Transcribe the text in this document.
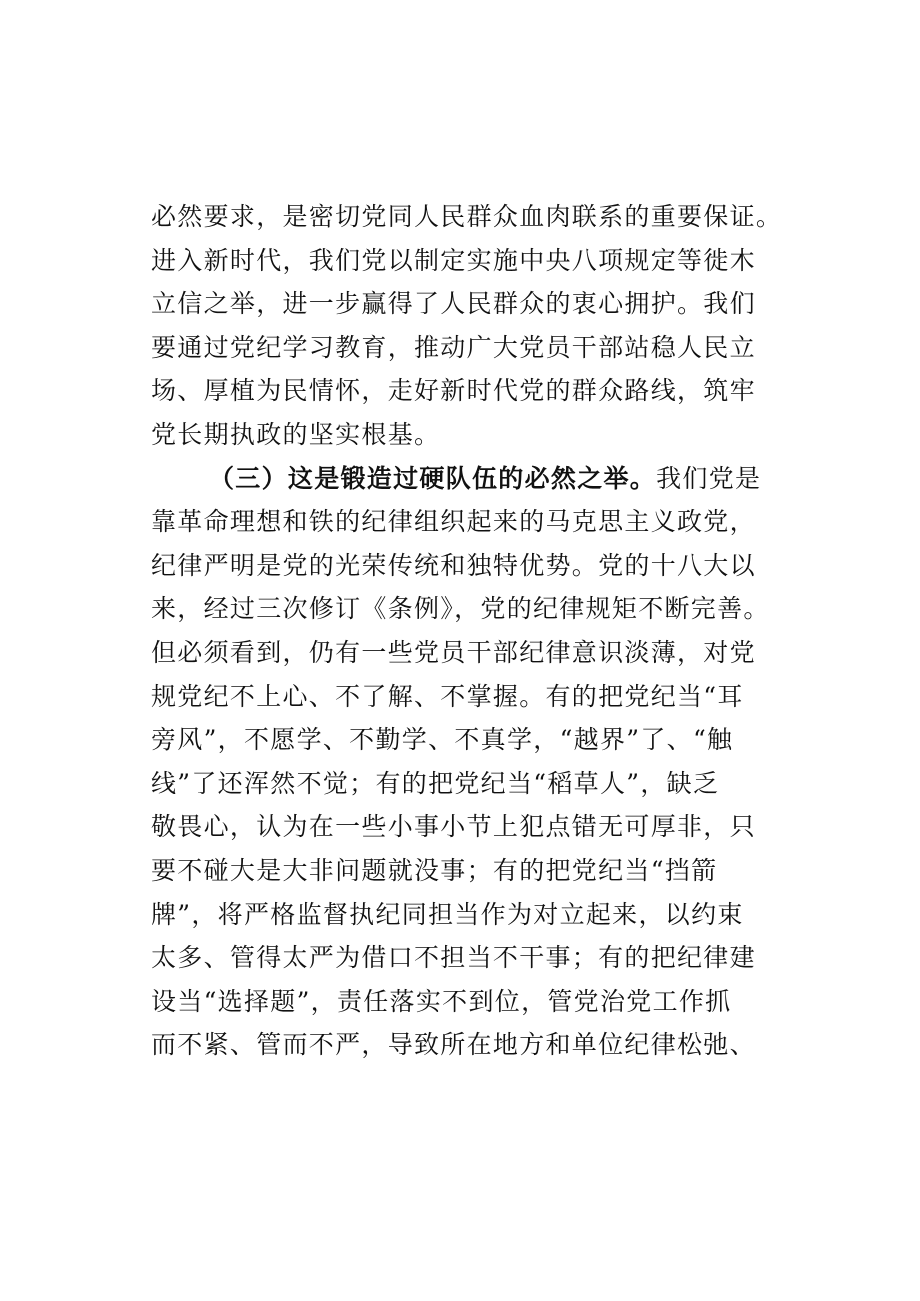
必然要求，是密切党同人民群众血肉联系的重要保证。
进入新时代，我们党以制定实施中央八项规定等徙木
立信之举，进一步赢得了人民群众的衷心拥护。我们
要通过党纪学习教育，推动广大党员干部站稳人民立
场、厚植为民情怀，走好新时代党的群众路线，筑牢
党长期执政的坚实根基。
（三）这是锻造过硬队伍的必然之举。我们党是
靠革命理想和铁的纪律组织起来的马克思主义政党，
纪律严明是党的光荣传统和独特优势。党的十八大以
来，经过三次修订《条例》，党的纪律规矩不断完善。
但必须看到，仍有一些党员干部纪律意识淡薄，对党
规党纪不上心、不了解、不掌握。有的把党纪当“耳
旁风”，不愿学、不勤学、不真学，“越界”了、“触
线”了还浑然不觉；有的把党纪当“稻草人”，缺乏
敬畏心，认为在一些小事小节上犯点错无可厚非，只
要不碰大是大非问题就没事；有的把党纪当“挡箭
牌”，将严格监督执纪同担当作为对立起来，以约束
太多、管得太严为借口不担当不干事；有的把纪律建
设当“选择题”，责任落实不到位，管党治党工作抓
而不紧、管而不严，导致所在地方和单位纪律松弛、
